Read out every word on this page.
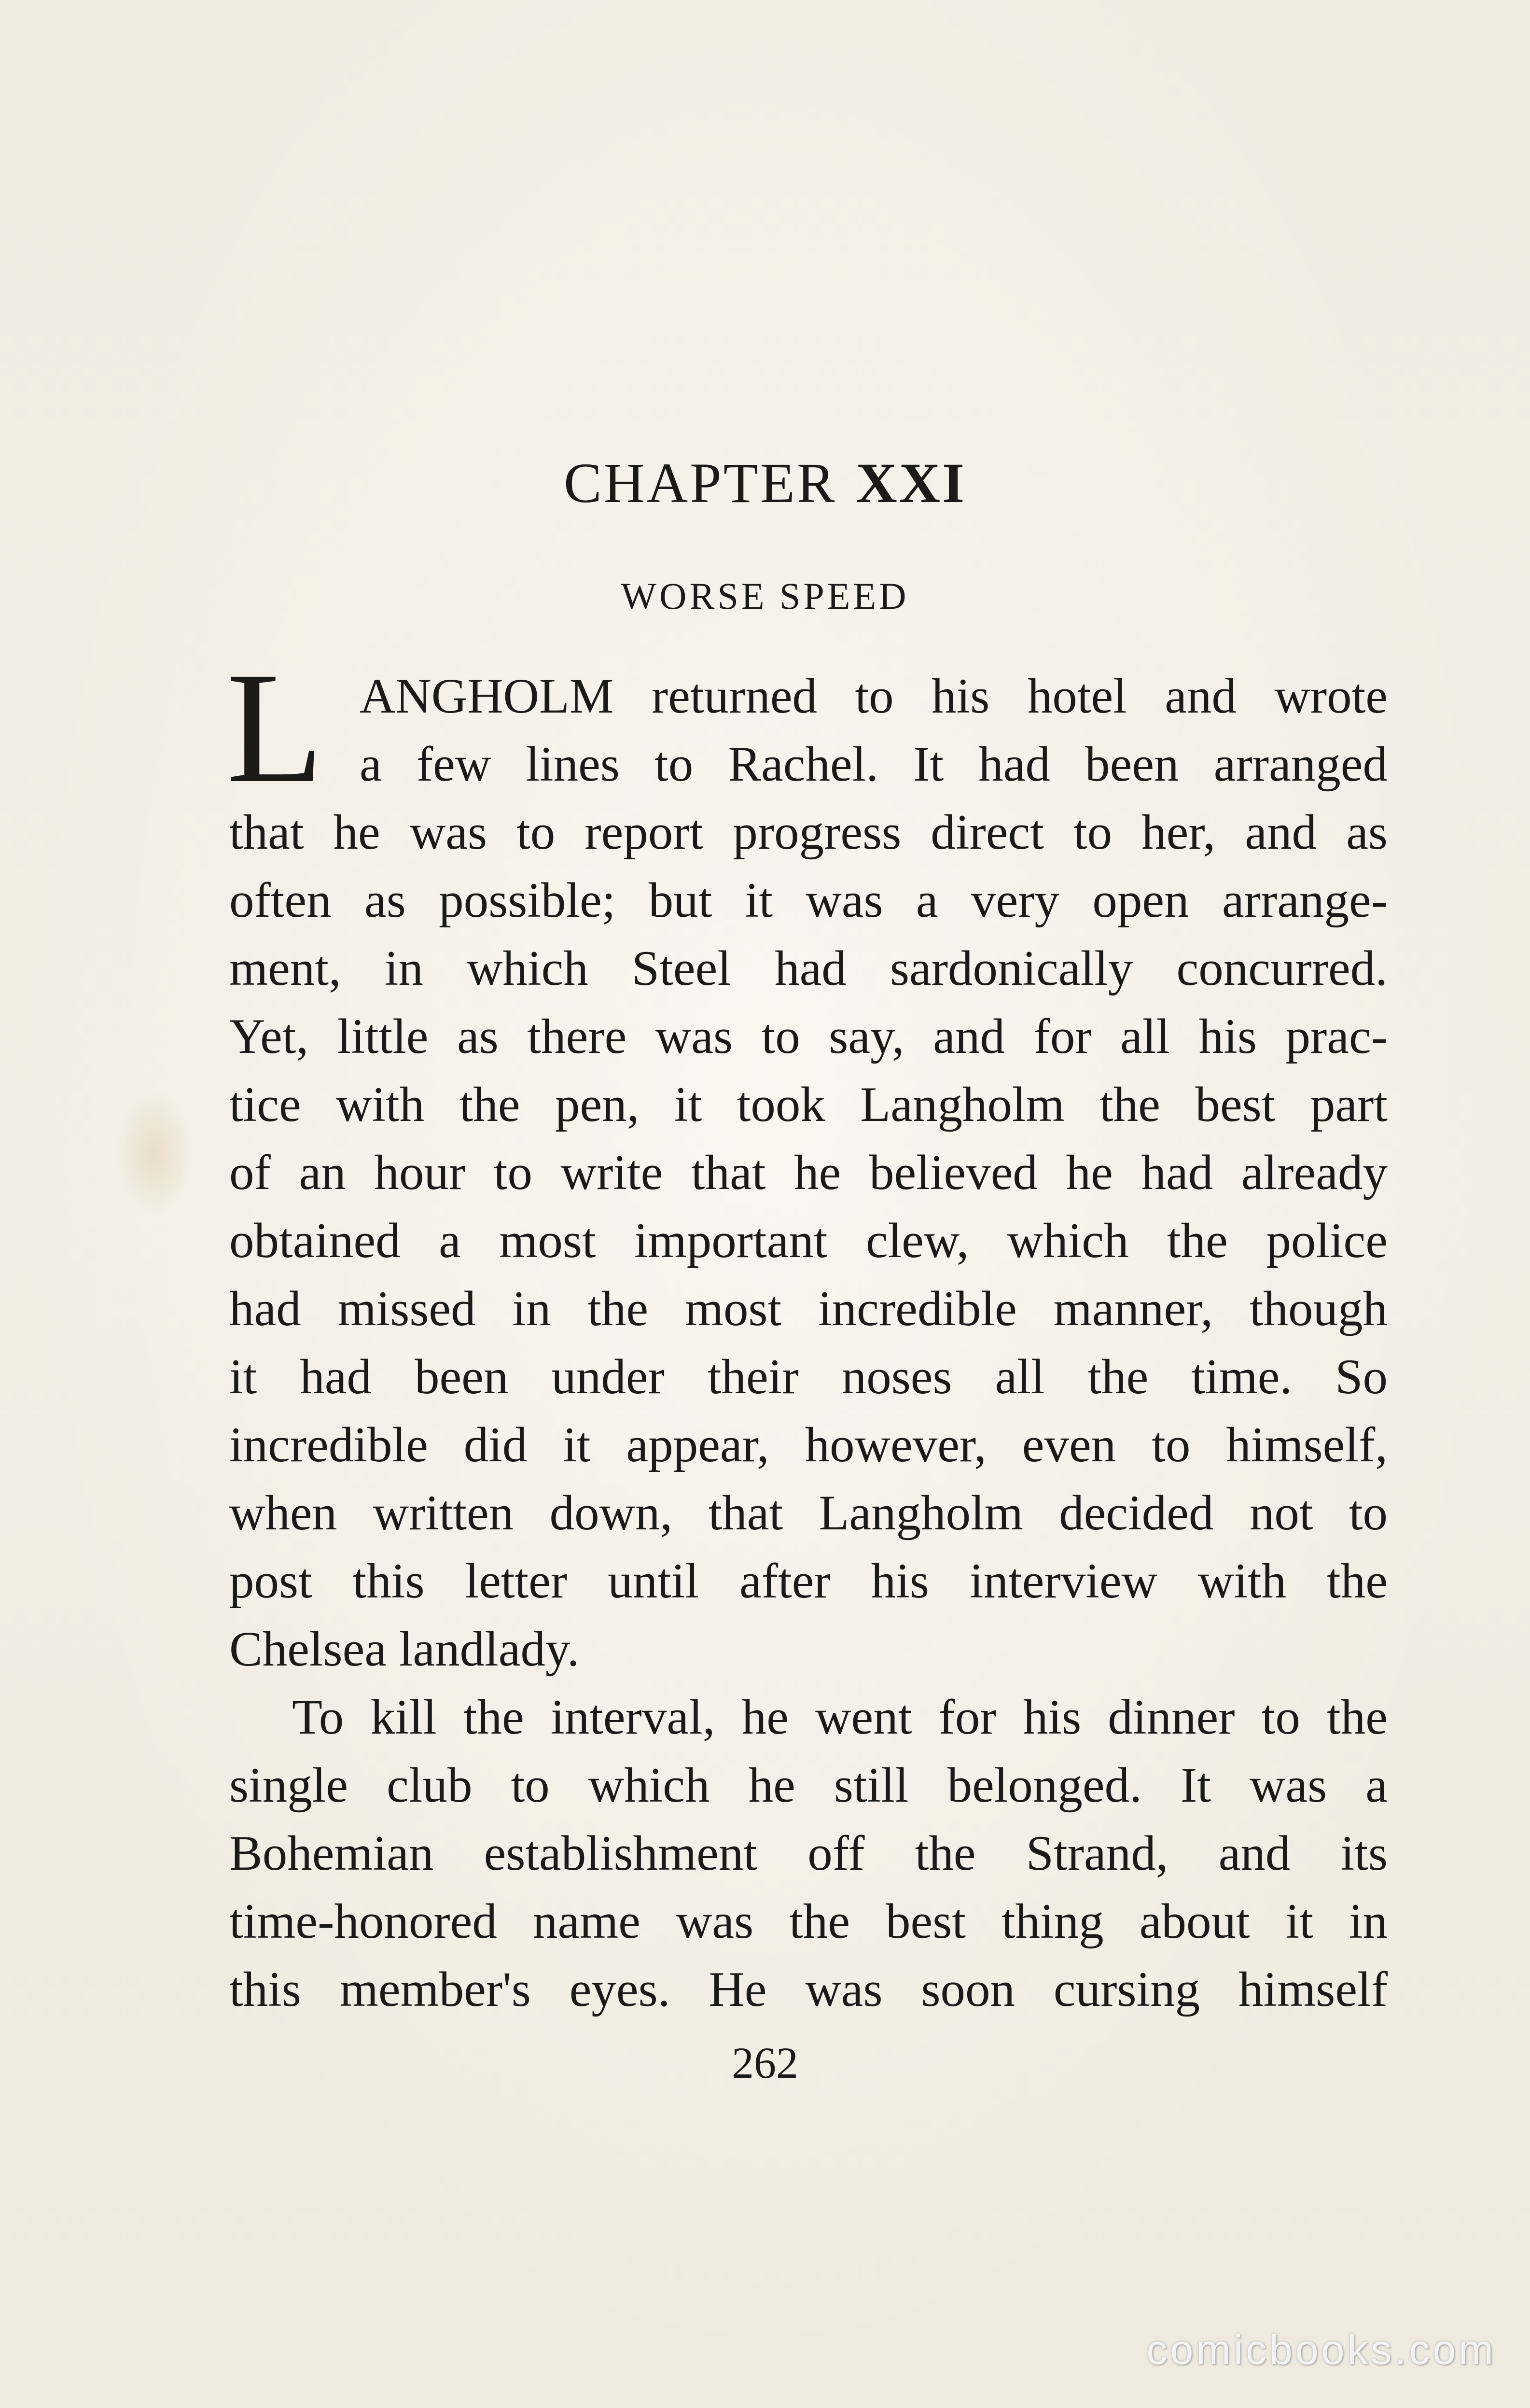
CHAPTER XXI
WORSE SPEED
L ANGHOLM returned to his hotel and wrote
a few lines to Rachel. It had been arranged
that he was to report progress direct to her, and as
often as possible; but it was a very open arrange-
ment, in which Steel had sardonically concurred.
Yet, little as there was to say, and for all his prac-
tice with the pen, it took Langholm the best part
of an hour to write that he believed he had already
obtained a most important clew, which the police
had missed in the most incredible manner, though
it had been under their noses all the time. So
incredible did it appear, however, even to himself,
when written down, that Langholm decided not to
post this letter until after his interview with the
Chelsea landlady.
To kill the interval, he went for his dinner to the
single club to which he still belonged. It was a
Bohemian establishment off the Strand, and its
time-honored name was the best thing about it in
this member's eyes. He was soon cursing himself
262
comicbooks.com
